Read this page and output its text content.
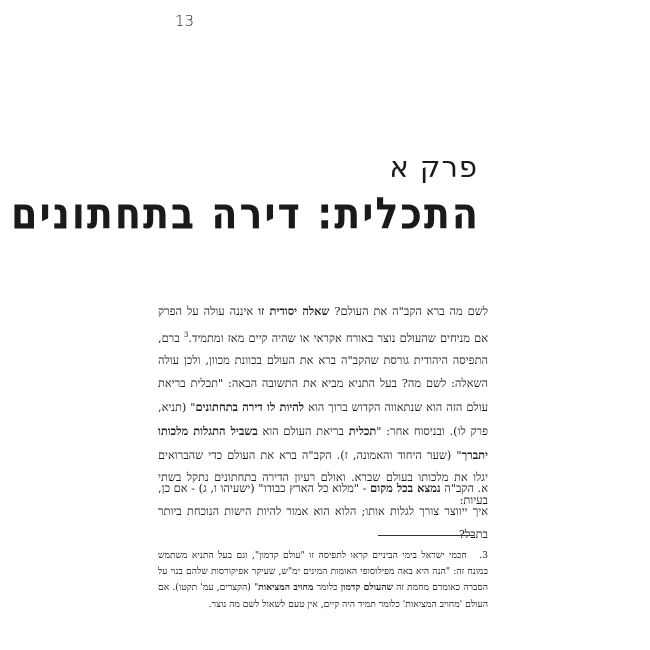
13
פרק א
התכלית: דירה בתחתונים

לשם מה ברא הקב"ה את העולם? שאלה יסודית זו איננה עולה על הפרק אם מניחים שהעולם נוצר באורח אקראי או שהיה קיים מאז ומתמיד.$^3$ ברם, התפיסה היהודית גורסת שהקב"ה ברא את העולם בכוונת מכוון, ולכן עולה השאלה: לשם מה? בעל התניא מביא את התשובה הבאה: "תכלית בריאת עולם הזה הוא שנתאווה הקדוש ברוך הוא להיות לו דירה בתחתונים" (תניא, פרק לו). ובניסוח אחר: "תכלית בריאת העולם הוא בשביל התגלות מלכותו יתברך" (שער היחוד והאמונה, ז). הקב"ה ברא את העולם כדי שהברואים יגלו את מלכותו בעולם שברא. ואולם רעיון הדירה בתחתונים נתקל בשתי בעיות:

א. הקב"ה נמצא בכל מקום - "מלוא כל הארץ כבודו" (ישעיהו ו, ג) - אם כן, איך ייווצר צורך לגלות אותו; הלוא הוא אמור להיות הישות הנוכחת ביותר בתבל?

3. חכמי ישראל בימי הביניים קראו לתפיסה זו "עולם קדמון", וגם בעל התניא משתמש במונח זה: "הנה היא באה מפילוסופי האומות המינים ימ"ש, שעיקר אפיקורסות שלהם בנוי על הסברה כאומרם מחמת זה שהעולם קדמון כלומר מחויב המציאות" (הקצרים, עמ' תקטו). אם העולם 'מחויב המציאות' כלומר תמיד היה קיים, אין טעם לשאול לשם מה נוצר.
